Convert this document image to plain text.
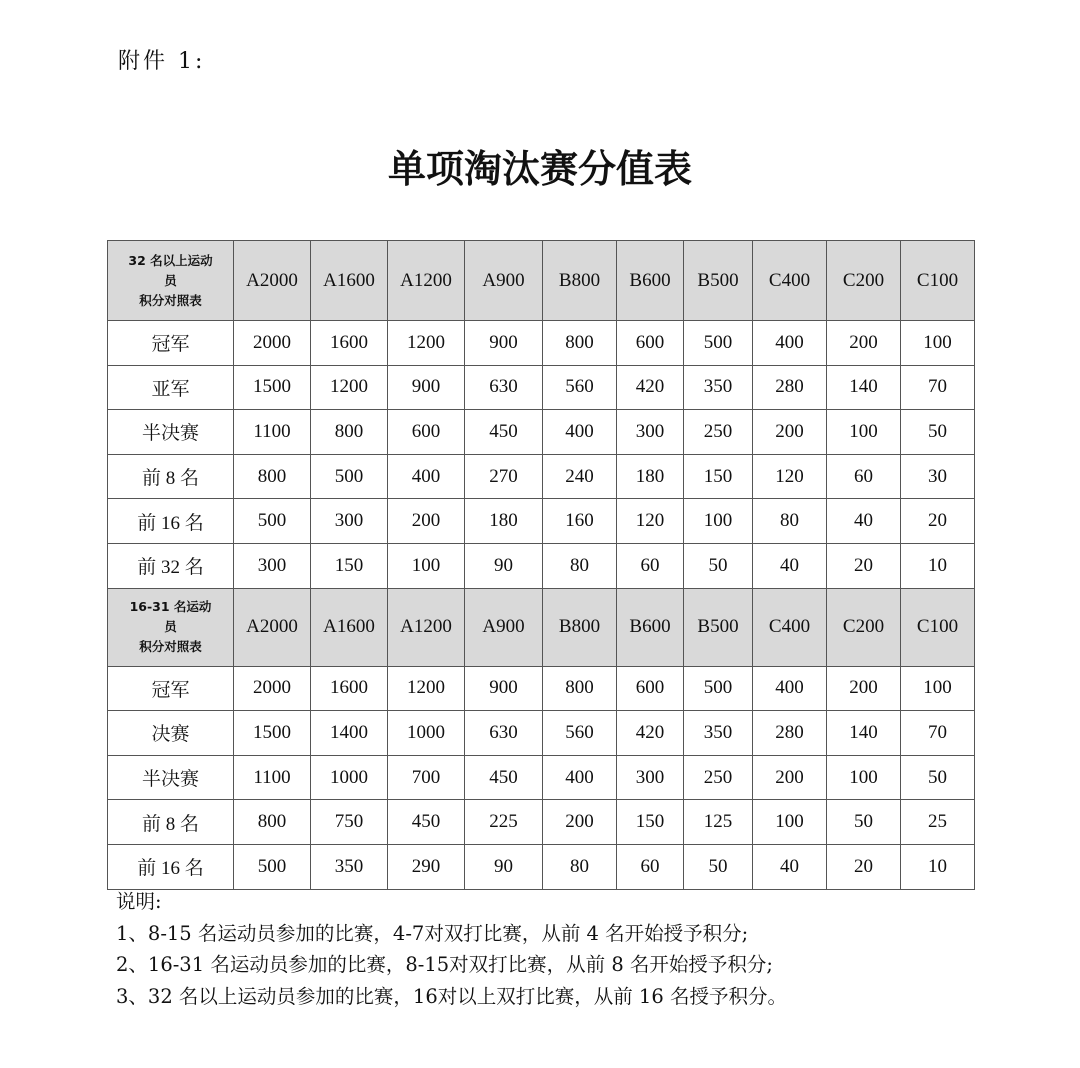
附件 1:
单项淘汰赛分值表
32 名以上运动
员
积分对照表	A2000	A1600	A1200	A900	B800	B600	B500	C400	C200	C100
冠军	2000	1600	1200	900	800	600	500	400	200	100
亚军	1500	1200	900	630	560	420	350	280	140	70
半决赛	1100	800	600	450	400	300	250	200	100	50
前 8 名	800	500	400	270	240	180	150	120	60	30
前 16 名	500	300	200	180	160	120	100	80	40	20
前 32 名	300	150	100	90	80	60	50	40	20	10

16-31 名运动
员
积分对照表	A2000	A1600	A1200	A900	B800	B600	B500	C400	C200	C100
冠军	2000	1600	1200	900	800	600	500	400	200	100
决赛	1500	1400	1000	630	560	420	350	280	140	70
半决赛	1100	1000	700	450	400	300	250	200	100	50
前 8 名	800	750	450	225	200	150	125	100	50	25
前 16 名	500	350	290	90	80	60	50	40	20	10
说明:
1、8-15 名运动员参加的比赛，4-7对双打比赛，从前 4 名开始授予积分;
2、16-31 名运动员参加的比赛，8-15对双打比赛，从前 8 名开始授予积分;
3、32 名以上运动员参加的比赛，16对以上双打比赛，从前 16 名授予积分。
